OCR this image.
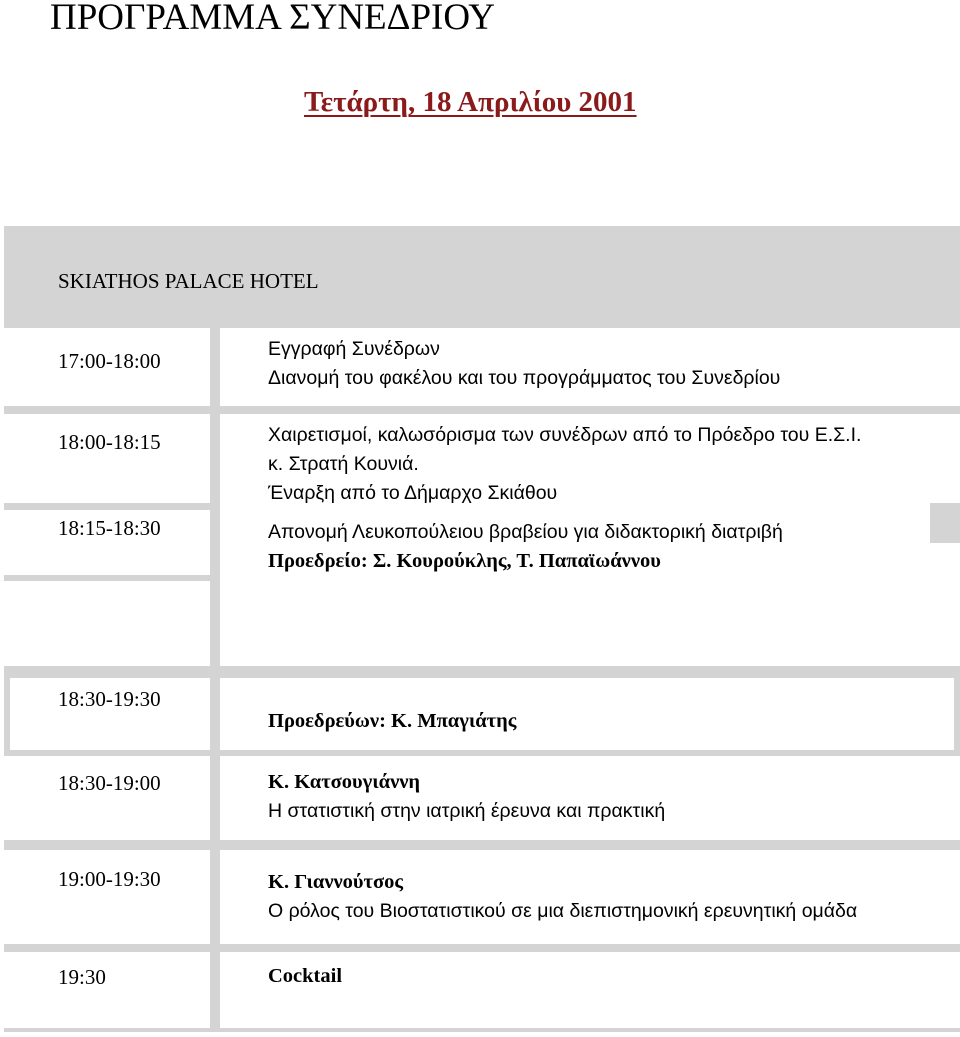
ΠΡΟΓΡΑΜΜΑ ΣΥΝΕΔΡΙΟΥ
Τετάρτη, 18 Απριλίου 2001
SKIATHOS PALACE HOTEL
17:00-18:00	Εγγραφή Συνέδρων
Διανομή του φακέλου και του προγράμματος του Συνεδρίου
18:00-18:15	Χαιρετισμοί, καλωσόρισμα των συνέδρων από το Πρόεδρο του Ε.Σ.Ι.
κ. Στρατή Κουνιά.
Έναρξη από το Δήμαρχο Σκιάθου
18:15-18:30	Απονομή Λευκοπούλειου βραβείου για διδακτορική διατριβή
Προεδρείο: Σ. Κουρούκλης, Τ. Παπαϊωάννου
18:30-19:30
Προεδρεύων: Κ. Μπαγιάτης
18:30-19:00	Κ. Κατσουγιάννη
Η στατιστική στην ιατρική έρευνα και πρακτική
19:00-19:30	Κ. Γιαννούτσος
Ο ρόλος του Βιοστατιστικού σε μια διεπιστημονική ερευνητική ομάδα
19:30	Cocktail
